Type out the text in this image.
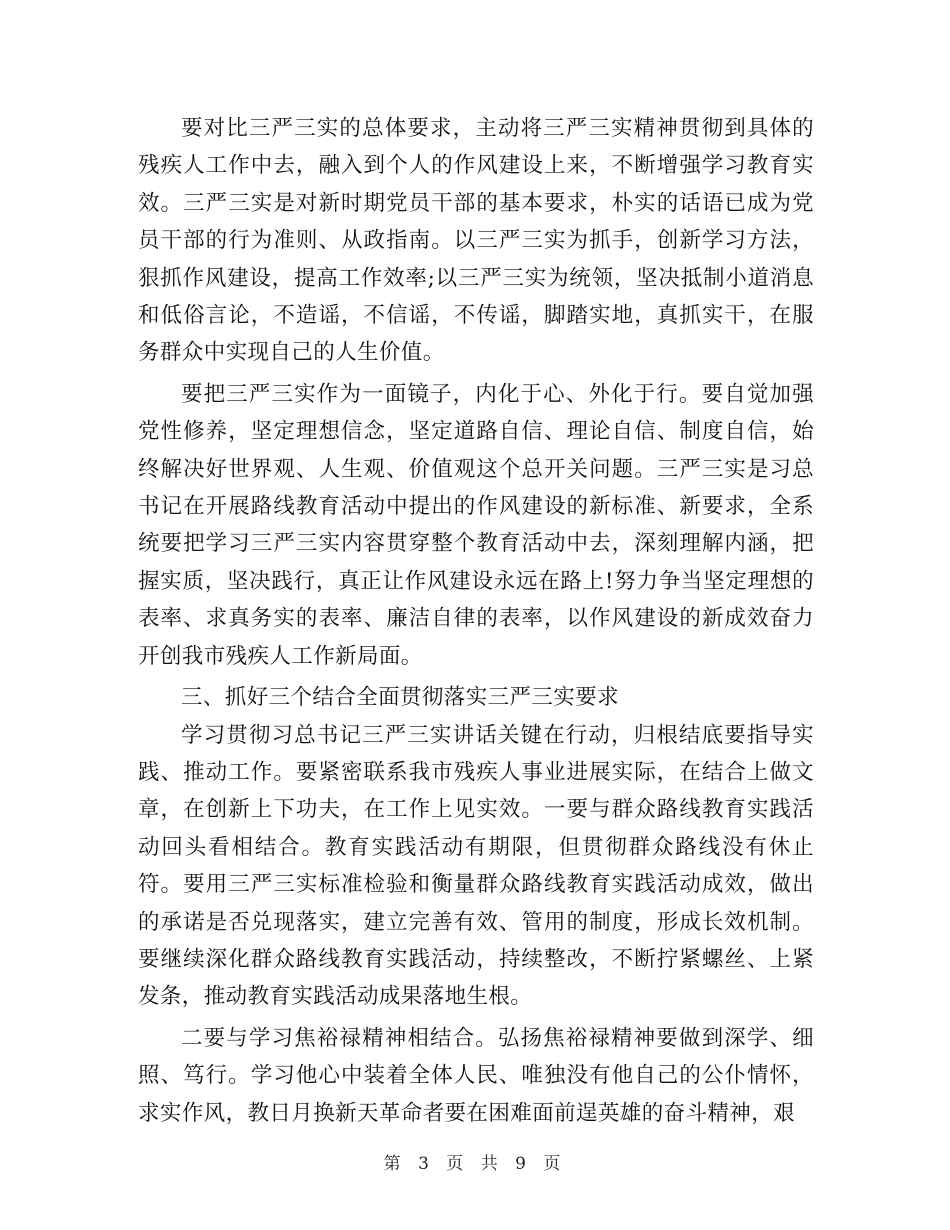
要对比三严三实的总体要求，主动将三严三实精神贯彻到具体的残疾人工作中去，融入到个人的作风建设上来，不断增强学习教育实效。三严三实是对新时期党员干部的基本要求，朴实的话语已成为党员干部的行为准则、从政指南。以三严三实为抓手，创新学习方法，狠抓作风建设，提高工作效率;以三严三实为统领，坚决抵制小道消息和低俗言论，不造谣，不信谣，不传谣，脚踏实地，真抓实干，在服务群众中实现自己的人生价值。

要把三严三实作为一面镜子，内化于心、外化于行。要自觉加强党性修养，坚定理想信念，坚定道路自信、理论自信、制度自信，始终解决好世界观、人生观、价值观这个总开关问题。三严三实是习总书记在开展路线教育活动中提出的作风建设的新标准、新要求，全系统要把学习三严三实内容贯穿整个教育活动中去，深刻理解内涵，把握实质，坚决践行，真正让作风建设永远在路上!努力争当坚定理想的表率、求真务实的表率、廉洁自律的表率，以作风建设的新成效奋力开创我市残疾人工作新局面。

三、抓好三个结合全面贯彻落实三严三实要求

学习贯彻习总书记三严三实讲话关键在行动，归根结底要指导实践、推动工作。要紧密联系我市残疾人事业进展实际，在结合上做文章，在创新上下功夫，在工作上见实效。一要与群众路线教育实践活动回头看相结合。教育实践活动有期限，但贯彻群众路线没有休止符。要用三严三实标准检验和衡量群众路线教育实践活动成效，做出的承诺是否兑现落实，建立完善有效、管用的制度，形成长效机制。要继续深化群众路线教育实践活动，持续整改，不断拧紧螺丝、上紧发条，推动教育实践活动成果落地生根。

二要与学习焦裕禄精神相结合。弘扬焦裕禄精神要做到深学、细照、笃行。学习他心中装着全体人民、唯独没有他自己的公仆情怀，求实作风，教日月换新天革命者要在困难面前逞英雄的奋斗精神，艰

第 3 页 共 9 页
